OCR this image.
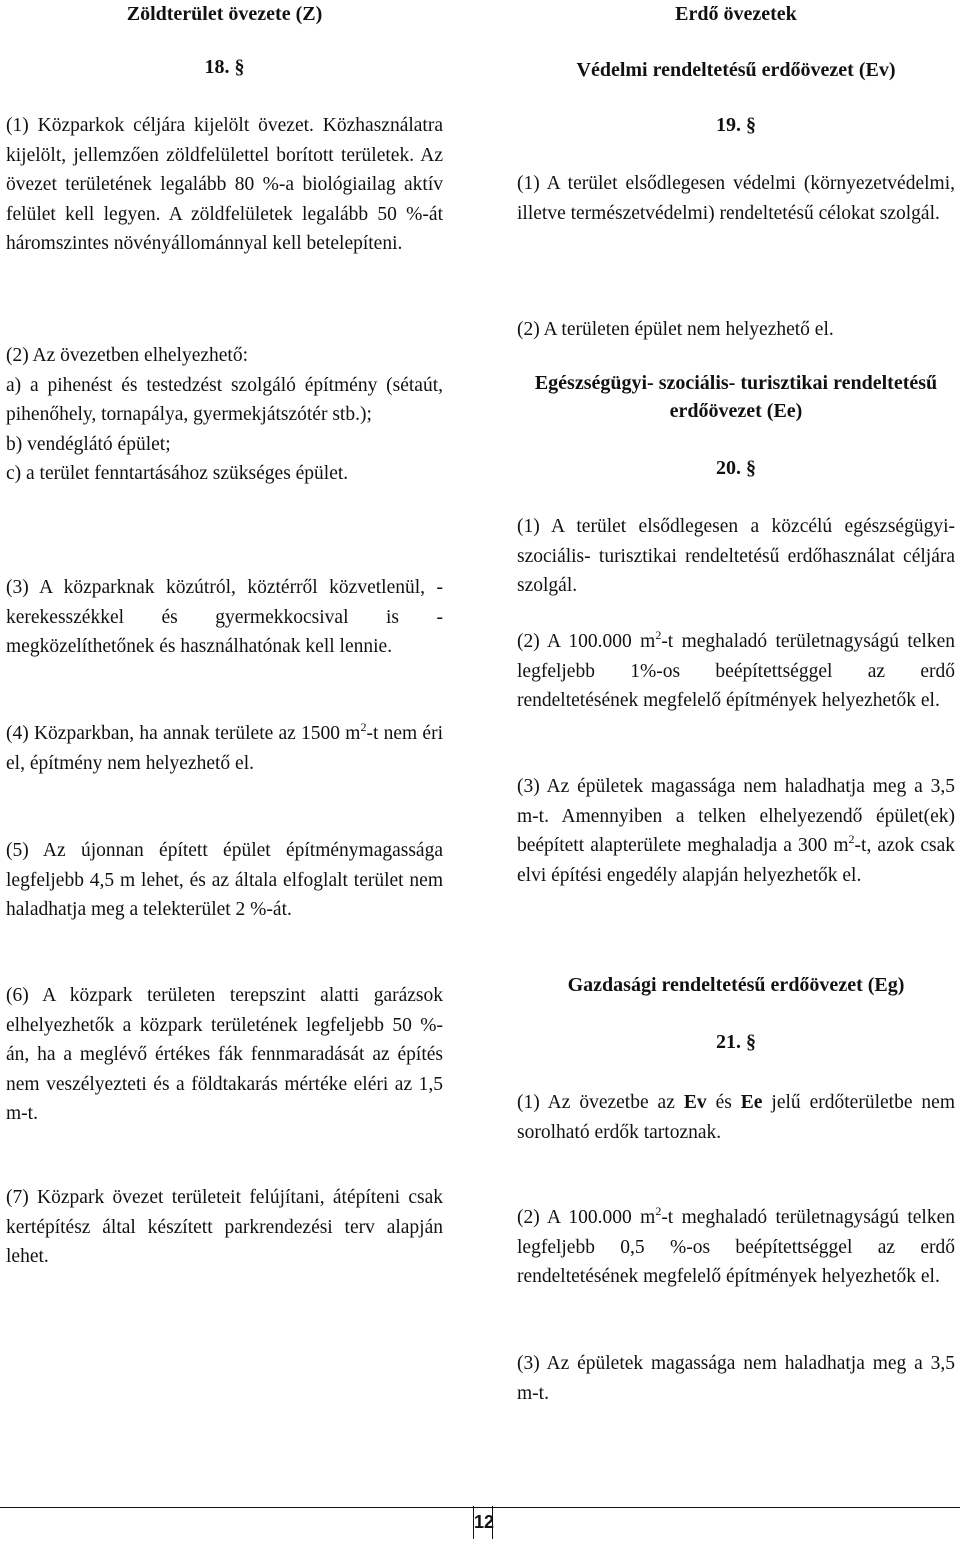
Zöldterület övezete (Z)

18. §

(1) Közparkok céljára kijelölt övezet. Közhasználatra kijelölt, jellemzően zöldfelülettel borított területek. Az övezet területének legalább 80 %-a biológiailag aktív felület kell legyen. A zöldfelületek legalább 50 %-át háromszintes növényállománnyal kell betelepíteni.

(2) Az övezetben elhelyezhető:

a) a pihenést és testedzést szolgáló építmény (sétaút, pihenőhely, tornapálya, gyermekjátszótér stb.);

b) vendéglátó épület;

c) a terület fenntartásához szükséges épület.

(3) A közparknak közútról, köztérről közvetlenül, - kerekesszékkel és gyermekkocsival is - megközelíthetőnek és használhatónak kell lennie.

(4) Közparkban, ha annak területe az 1500 $m^2-t$ nem éri el, építmény nem helyezhető el.

(5) Az újonnan épített épület építménymagassága legfeljebb 4,5 m lehet, és az általa elfoglalt terület nem haladhatja meg a telekterület 2 %-át.

(6) A közpark területen terepszint alatti garázsok elhelyezhetők a közpark területének legfeljebb 50 %-án, ha a meglévő értékes fák fennmaradását az építés nem veszélyezteti és a földtakarás mértéke eléri az 1,5 m-t.

(7) Közpark övezet területeit felújítani, átépíteni csak kertépítész által készített parkrendezési terv alapján lehet.

Erdő övezetek

Védelmi rendeltetésű erdőövezet (Ev)

19. §

(1) A terület elsődlegesen védelmi (környezetvédelmi, illetve természetvédelmi) rendeltetésű célokat szolgál.

(2) A területen épület nem helyezhető el.

Egészségügyi- szociális- turisztikai rendeltetésű erdőövezet (Ee)

20. §

(1) A terület elsődlegesen a közcélú egészségügyi- szociális- turisztikai rendeltetésű erdőhasználat céljára szolgál.

(2) A 100.000 $m^2-t$ meghaladó területnagyságú telken legfeljebb 1%-os beépítettséggel az erdő rendeltetésének megfelelő építmények helyezhetők el.

(3) Az épületek magassága nem haladhatja meg a 3,5 m-t. Amennyiben a telken elhelyezendő épület(ek) beépített alapterülete meghaladja a 300 $m^2-t$, azok csak elvi építési engedély alapján helyezhetők el.

Gazdasági rendeltetésű erdőövezet (Eg)

21. §

(1) Az övezetbe az Ev és Ee jelű erdőterületbe nem sorolható erdők tartoznak.

(2) A 100.000 $m^2-t$ meghaladó területnagyságú telken legfeljebb 0,5 %-os beépítettséggel az erdő rendeltetésének megfelelő építmények helyezhetők el.

(3) Az épületek magassága nem haladhatja meg a 3,5 m-t.

12
